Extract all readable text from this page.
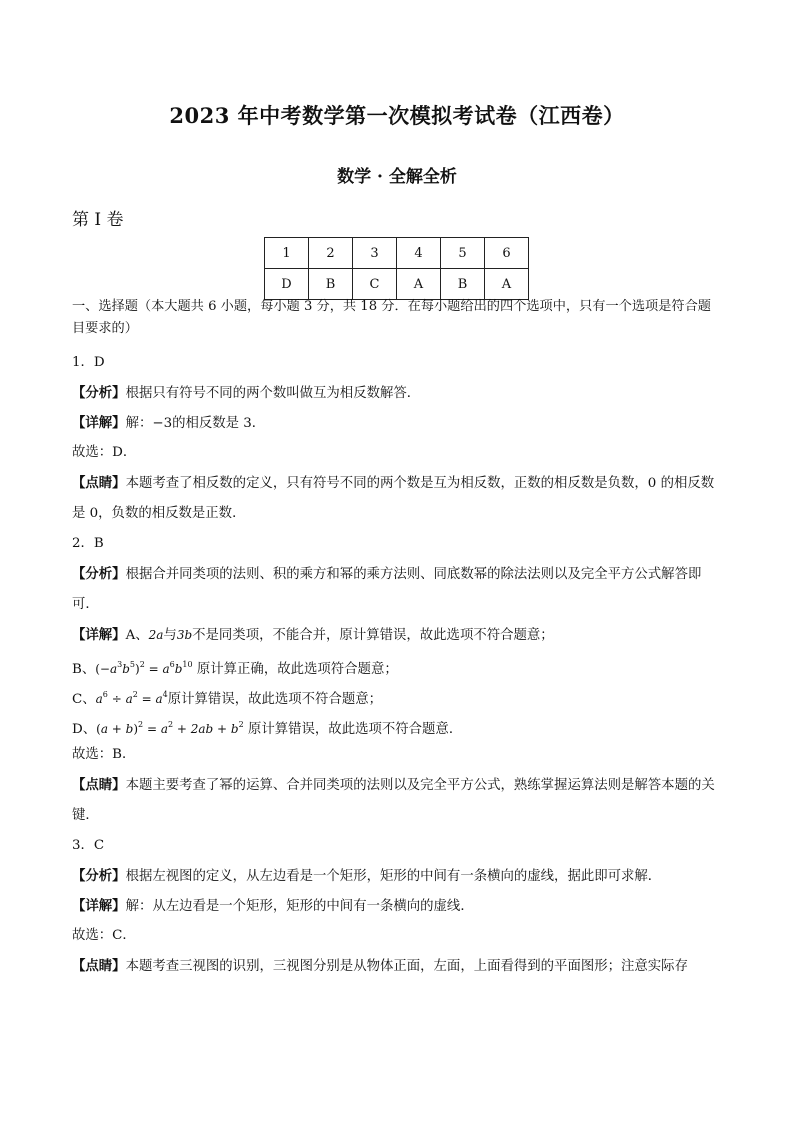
2023 年中考数学第一次模拟考试卷（江西卷）
数学 · 全解全析
第 I 卷
1	2	3	4	5	6
D	B	C	A	B	A
一、选择题（本大题共 6 小题，每小题 3 分，共 18 分．在每小题给出的四个选项中，只有一个选项是符合题目要求的）
1．D
【分析】根据只有符号不同的两个数叫做互为相反数解答．
【详解】解：−3的相反数是 3．
故选：D．
【点睛】本题考查了相反数的定义，只有符号不同的两个数是互为相反数，正数的相反数是负数，0 的相反数是 0，负数的相反数是正数．
2．B
【分析】根据合并同类项的法则、积的乘方和幂的乘方法则、同底数幂的除法法则以及完全平方公式解答即可．
【详解】A、2a与3b不是同类项，不能合并，原计算错误，故此选项不符合题意；
B、$(-a^3b^5)^2 = a^6b^{10}$ 原计算正确，故此选项符合题意；
C、$a^6 \div a^2 = a^4$原计算错误，故此选项不符合题意；
D、$(a + b)^2 = a^2 + 2ab + b^2$ 原计算错误，故此选项不符合题意．
故选：B．
【点睛】本题主要考查了幂的运算、合并同类项的法则以及完全平方公式，熟练掌握运算法则是解答本题的关键．
3．C
【分析】根据左视图的定义，从左边看是一个矩形，矩形的中间有一条横向的虚线，据此即可求解．
【详解】解：从左边看是一个矩形，矩形的中间有一条横向的虚线．
故选：C．
【点睛】本题考查三视图的识别，三视图分别是从物体正面，左面，上面看得到的平面图形；注意实际存
